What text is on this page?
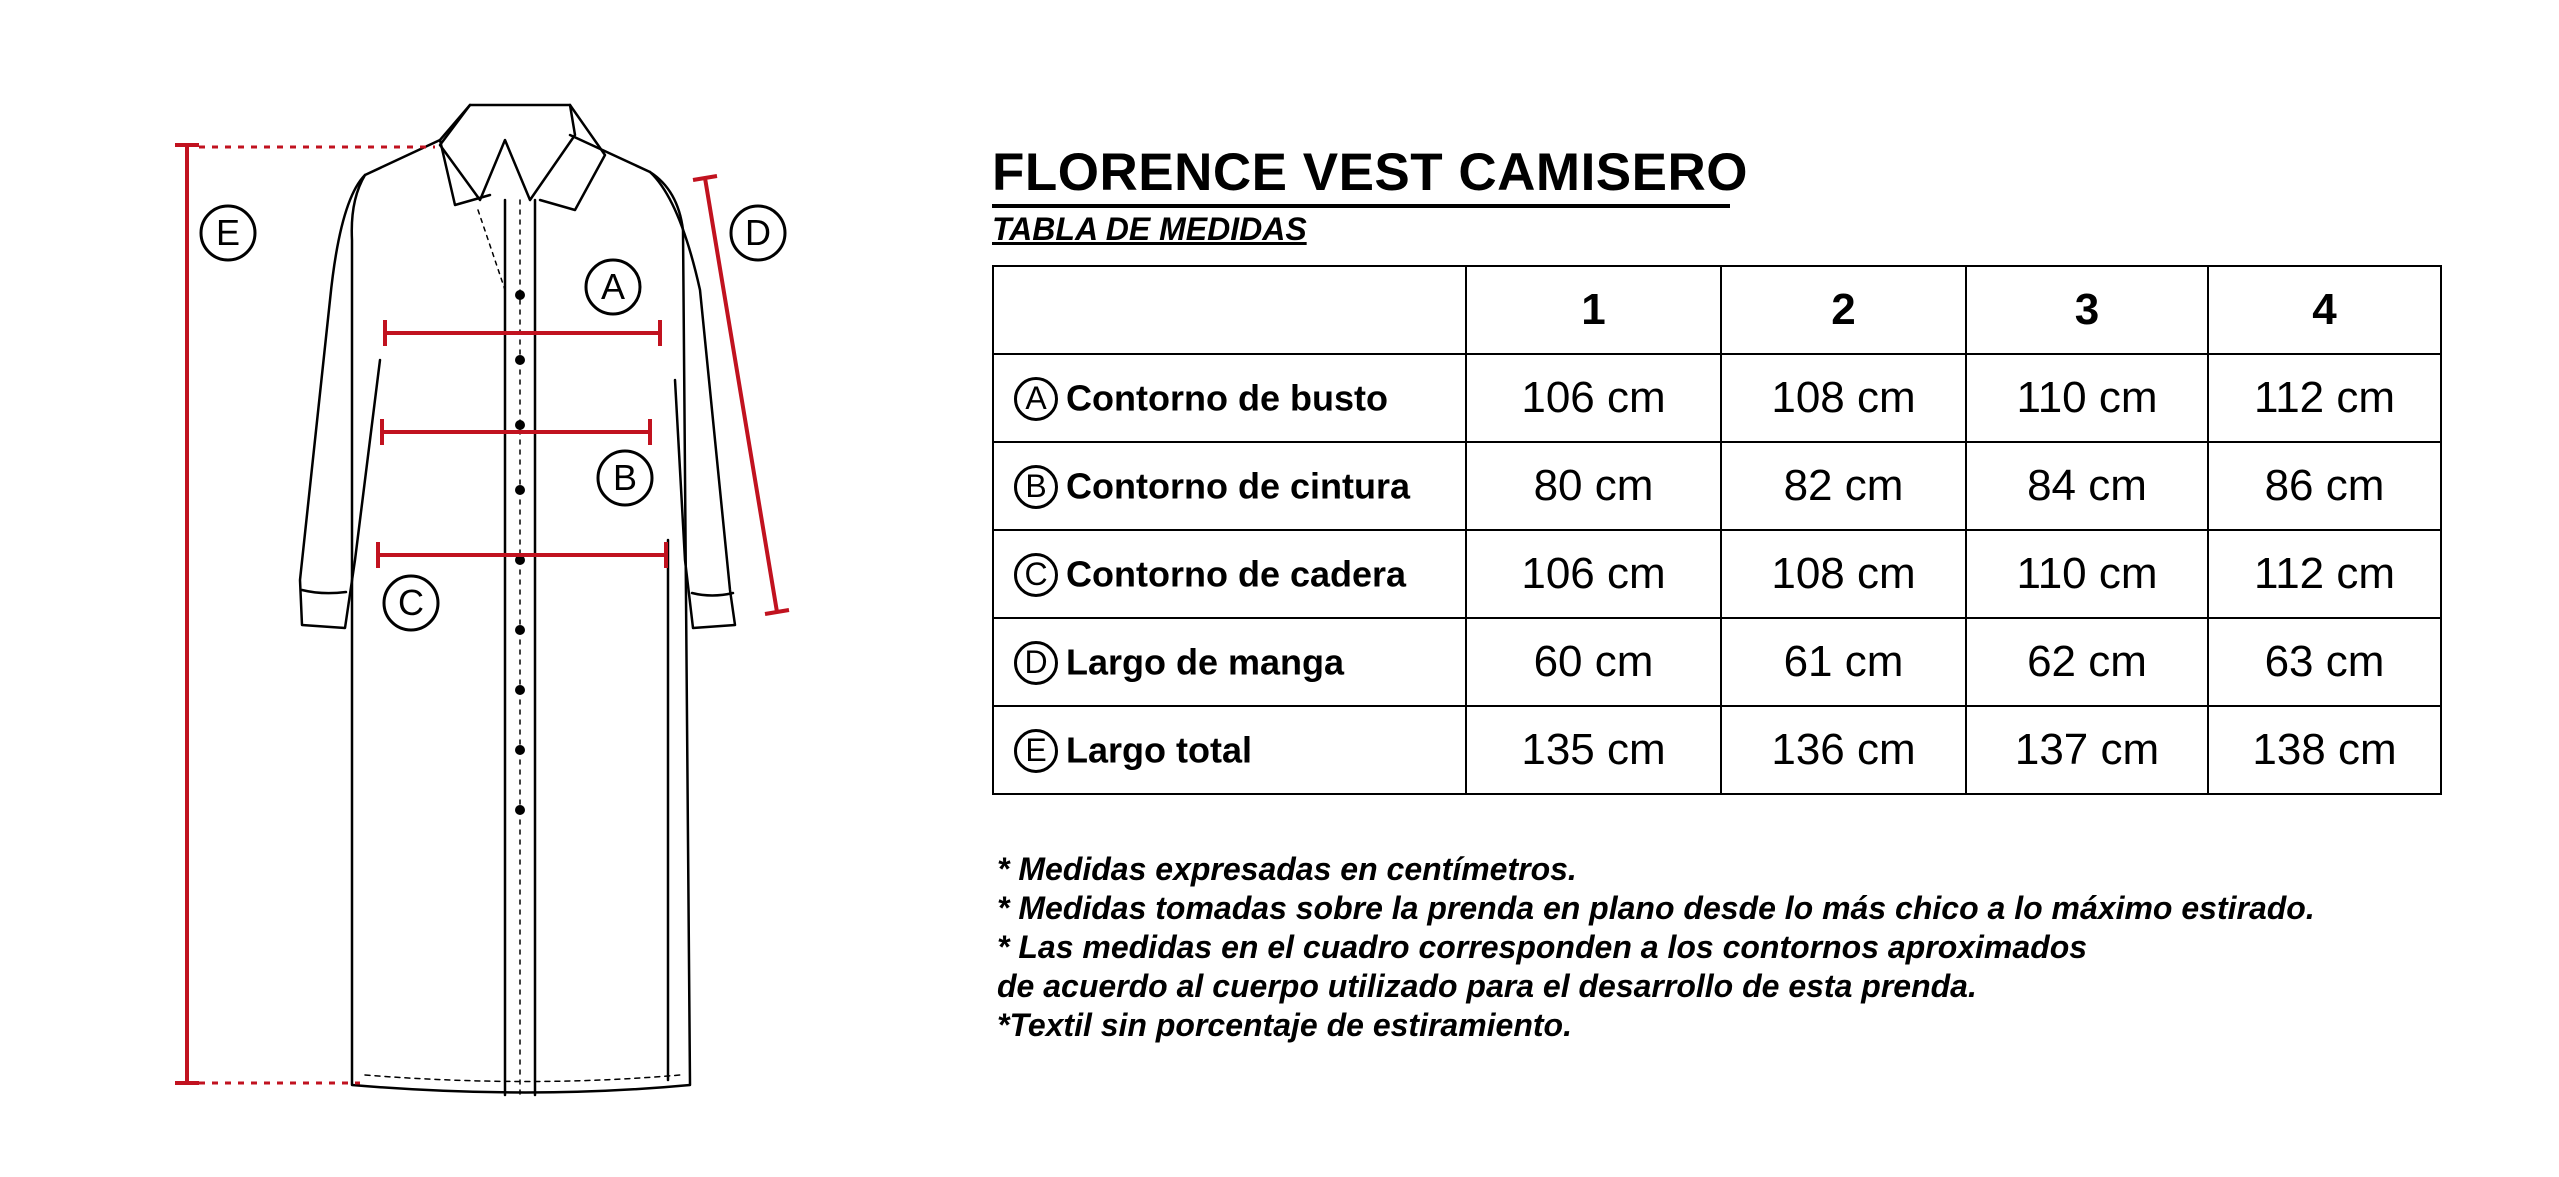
A
B
C
D
E
FLORENCE VEST CAMISERO
TABLA DE MEDIDAS
	1	2	3	4
A Contorno de busto	106 cm	108 cm	110 cm	112 cm
B Contorno de cintura	80 cm	82 cm	84 cm	86 cm
C Contorno de cadera	106 cm	108 cm	110 cm	112 cm
D Largo de manga	60 cm	61 cm	62 cm	63 cm
E Largo total	135 cm	136 cm	137 cm	138 cm
* Medidas expresadas en centímetros.
* Medidas tomadas sobre la prenda en plano desde lo más chico a lo máximo estirado.
* Las medidas en el cuadro corresponden a los contornos aproximados
de acuerdo al cuerpo utilizado para el desarrollo de esta prenda.
*Textil sin porcentaje de estiramiento.
